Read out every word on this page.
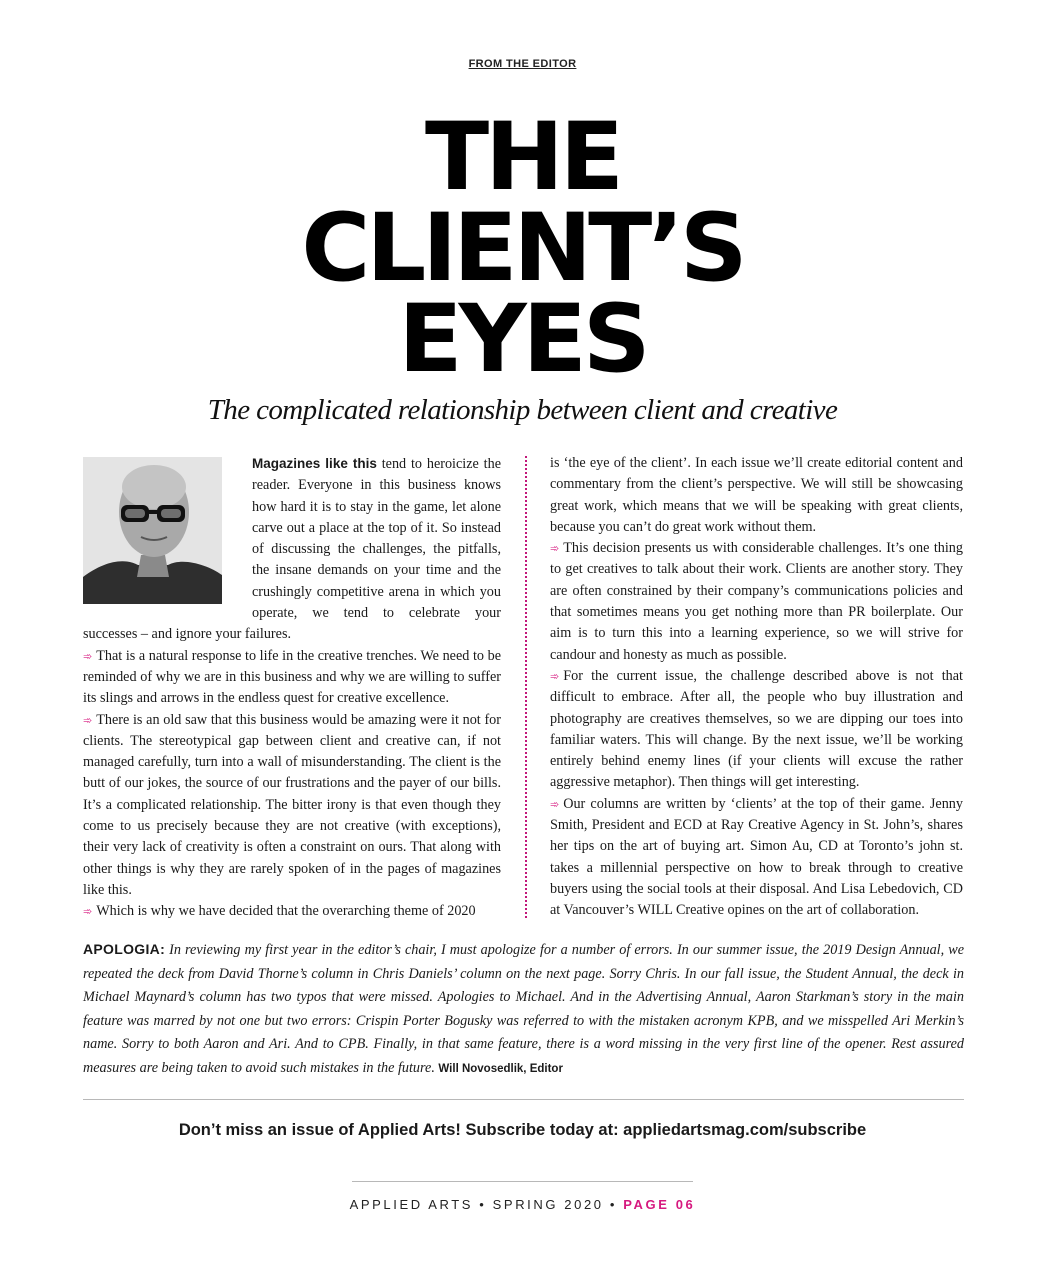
FROM THE EDITOR
THE
CLIENT’S
EYES
The complicated relationship between client and creative

Magazines like this tend to heroicize the reader. Everyone in this business knows how hard it is to stay in the game, let alone carve out a place at the top of it. So instead of discussing the challenges, the pitfalls, the insane demands on your time and the crushingly competitive arena in which you operate, we tend to celebrate your successes – and ignore your failures.

➾ That is a natural response to life in the creative trenches. We need to be reminded of why we are in this business and why we are willing to suffer its slings and arrows in the endless quest for creative excellence.

➾ There is an old saw that this business would be amazing were it not for clients. The stereotypical gap between client and creative can, if not managed carefully, turn into a wall of misunderstanding. The client is the butt of our jokes, the source of our frustrations and the payer of our bills. It’s a complicated relationship. The bitter irony is that even though they come to us precisely because they are not creative (with exceptions), their very lack of creativity is often a constraint on ours. That along with other things is why they are rarely spoken of in the pages of magazines like this.

➾ Which is why we have decided that the overarching theme of 2020

is ‘the eye of the client’. In each issue we’ll create editorial content and commentary from the client’s perspective. We will still be showcasing great work, which means that we will be speaking with great clients, because you can’t do great work without them.

➾ This decision presents us with considerable challenges. It’s one thing to get creatives to talk about their work. Clients are another story. They are often constrained by their company’s communications policies and that sometimes means you get nothing more than PR boilerplate. Our aim is to turn this into a learning experience, so we will strive for candour and honesty as much as possible.

➾ For the current issue, the challenge described above is not that difficult to embrace. After all, the people who buy illustration and photography are creatives themselves, so we are dipping our toes into familiar waters. This will change. By the next issue, we’ll be working entirely behind enemy lines (if your clients will excuse the rather aggressive metaphor). Then things will get interesting.

➾ Our columns are written by ‘clients’ at the top of their game. Jenny Smith, President and ECD at Ray Creative Agency in St. John’s, shares her tips on the art of buying art. Simon Au, CD at Toronto’s john st. takes a millennial perspective on how to break through to creative buyers using the social tools at their disposal. And Lisa Lebedovich, CD at Vancouver’s WILL Creative opines on the art of collaboration.

APOLOGIA: In reviewing my first year in the editor’s chair, I must apologize for a number of errors. In our summer issue, the 2019 Design Annual, we repeated the deck from David Thorne’s column in Chris Daniels’ column on the next page. Sorry Chris. In our fall issue, the Student Annual, the deck in Michael Maynard’s column has two typos that were missed. Apologies to Michael. And in the Advertising Annual, Aaron Starkman’s story in the main feature was marred by not one but two errors: Crispin Porter Bogusky was referred to with the mistaken acronym KPB, and we misspelled Ari Merkin’s name. Sorry to both Aaron and Ari. And to CPB. Finally, in that same feature, there is a word missing in the very first line of the opener. Rest assured measures are being taken to avoid such mistakes in the future. Will Novosedlik, Editor
Don’t miss an issue of Applied Arts! Subscribe today at: appliedartsmag.com/subscribe
APPLIED ARTS • SPRING 2020 • PAGE 06
